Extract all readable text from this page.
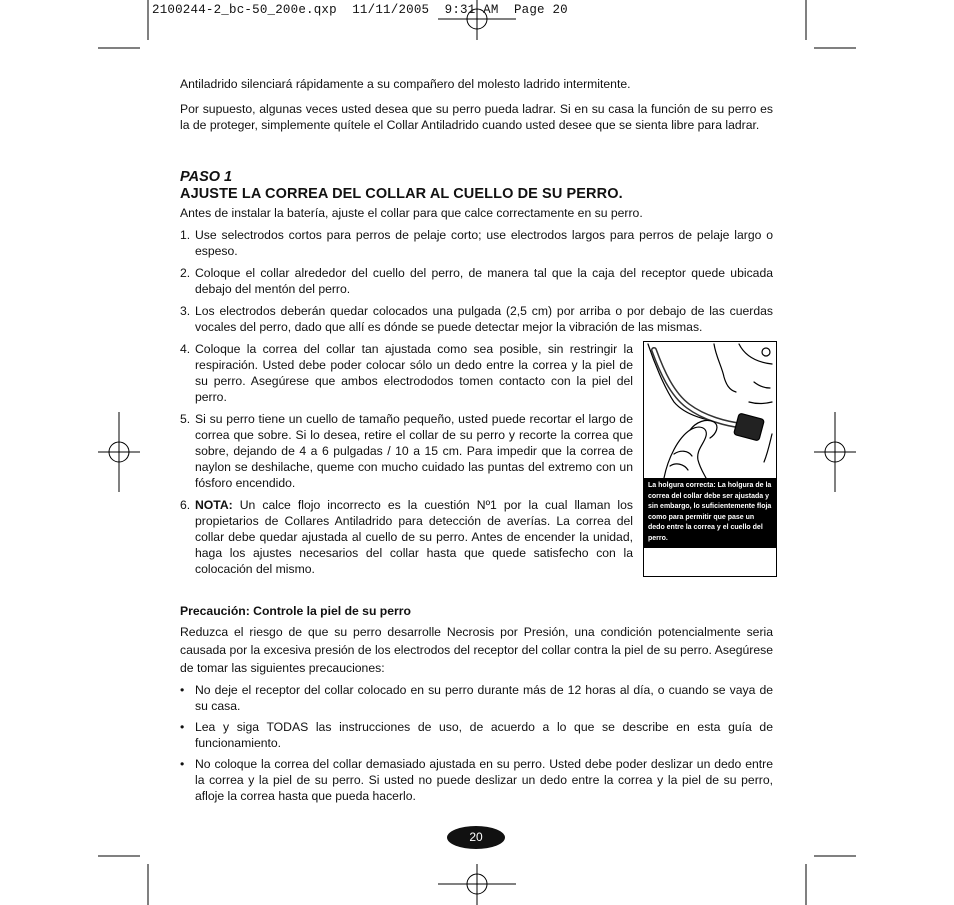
2100244-2_bc-50_200e.qxp  11/11/2005  9:31 AM  Page 20

Antiladrido silenciará rápidamente a su compañero del molesto ladrido intermitente.

Por supuesto, algunas veces usted desea que su perro pueda ladrar. Si en su casa la función de su perro es la de proteger, simplemente quítele el Collar Antiladrido cuando usted desee que se sienta libre para ladrar.

PASO 1

AJUSTE LA CORREA DEL COLLAR AL CUELLO DE SU PERRO.

Antes de instalar la batería, ajuste el collar para que calce correctamente en su perro.

1. Use selectrodos cortos para perros de pelaje corto; use electrodos largos para perros de pelaje largo o espeso.
2. Coloque el collar alrededor del cuello del perro, de manera tal que la caja del receptor quede ubicada debajo del mentón del perro.
3. Los electrodos deberán quedar colocados una pulgada (2,5 cm) por arriba o por debajo de las cuerdas vocales del perro, dado que allí es dónde se puede detectar mejor la vibración de las mismas.
4. Coloque la correa del collar tan ajustada como sea posible, sin restringir la respiración. Usted debe poder colocar sólo un dedo entre la correa y la piel de su perro. Asegúrese que ambos electrododos tomen contacto con la piel del perro.
5. Si su perro tiene un cuello de tamaño pequeño, usted puede recortar el largo de correa que sobre. Si lo desea, retire el collar de su perro y recorte la correa que sobre, dejando de 4 a 6 pulgadas / 10 a 15 cm. Para impedir que la correa de naylon se deshilache, queme con mucho cuidado las puntas del extremo con un fósforo encendido.
6. NOTA: Un calce flojo incorrecto es la cuestión Nº1 por la cual llaman los propietarios de Collares Antiladrido para detección de averías. La correa del collar debe quedar ajustada al cuello de su perro. Antes de encender la unidad, haga los ajustes necesarios del collar hasta que quede satisfecho con la colocación del mismo.
La holgura correcta: La holgura de la correa del collar debe ser ajustada y sin embargo, lo suficientemente floja como para permitir que pase un dedo entre la correa y el cuello del perro.

Precaución: Controle la piel de su perro

Reduzca el riesgo de que su perro desarrolle Necrosis por Presión, una condición potencialmente seria causada por la excesiva presión de los electrodos del receptor del collar contra la piel de su perro. Asegúrese de tomar las siguientes precauciones:

• No deje el receptor del collar colocado en su perro durante más de 12 horas al día, o cuando se vaya de su casa.
• Lea y siga TODAS las instrucciones de uso, de acuerdo a lo que se describe en esta guía de funcionamiento.
• No coloque la correa del collar demasiado ajustada en su perro. Usted debe poder deslizar un dedo entre la correa y la piel de su perro. Si usted no puede deslizar un dedo entre la correa y la piel de su perro, afloje la correa hasta que pueda hacerlo.
20
